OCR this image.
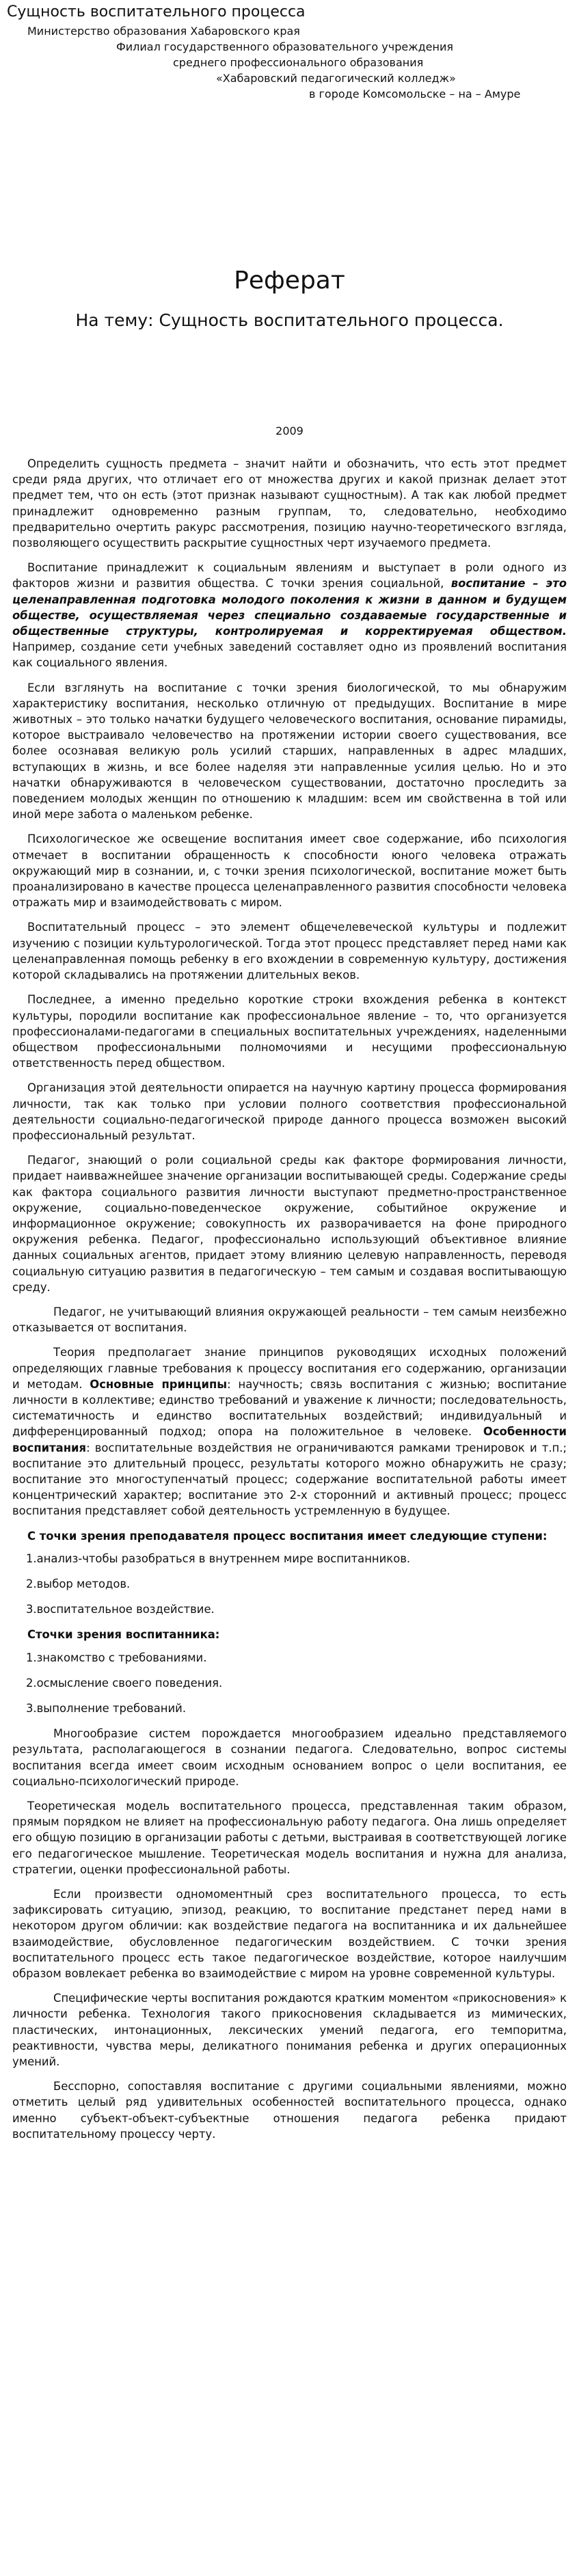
Сущность воспитательного процесса
Министерство образования Хабаровского края
Филиал государственного образовательного учреждения
среднего профессионального образования
«Хабаровский педагогический колледж»
в городе Комсомольске – на – Амуре
Реферат
На тему: Сущность воспитательного процесса.
2009

Определить сущность предмета – значит найти и обозначить, что есть этот предмет среди ряда других, что отличает его от множества других и какой признак делает этот предмет тем, что он есть (этот признак называют сущностным). А так как любой предмет принадлежит одновременно разным группам, то, следовательно, необходимо предварительно очертить ракурс рассмотрения, позицию научно-теоретического взгляда, позволяющего осуществить раскрытие сущностных черт изучаемого предмета.

Воспитание принадлежит к социальным явлениям и выступает в роли одного из факторов жизни и развития общества. С точки зрения социальной, воспитание – это целенаправленная подготовка молодого поколения к жизни в данном и будущем обществе, осуществляемая через специально создаваемые государственные и общественные структуры, контролируемая и корректируемая обществом. Например, создание сети учебных заведений составляет одно из проявлений воспитания как социального явления.

Если взглянуть на воспитание с точки зрения биологической, то мы обнаружим характеристику воспитания, несколько отличную от предыдущих. Воспитание в мире животных – это только начатки будущего человеческого воспитания, основание пирамиды, которое выстраивало человечество на протяжении истории своего существования, все более осознавая великую роль усилий старших, направленных в адрес младших, вступающих в жизнь, и все более наделяя эти направленные усилия целью. Но и это начатки обнаруживаются в человеческом существовании, достаточно проследить за поведением молодых женщин по отношению к младшим: всем им свойственна в той или иной мере забота о маленьком ребенке.

Психологическое же освещение воспитания имеет свое содержание, ибо психология отмечает в воспитании обращенность к способности юного человека отражать окружающий мир в сознании, и, с точки зрения психологической, воспитание может быть проанализировано в качестве процесса целенаправленного развития способности человека отражать мир и взаимодействовать с миром.

Воспитательный процесс – это элемент общечелевеческой культуры и подлежит изучению с позиции культурологической. Тогда этот процесс представляет перед нами как целенаправленная помощь ребенку в его вхождении в современную культуру, достижения которой складывались на протяжении длительных веков.

Последнее, а именно предельно короткие строки вхождения ребенка в контекст культуры, породили воспитание как профессиональное явление – то, что организуется профессионалами-педагогами в специальных воспитательных учреждениях, наделенными обществом профессиональными полномочиями и несущими профессиональную ответственность перед обществом.

Организация этой деятельности опирается на научную картину процесса формирования личности, так как только при условии полного соответствия профессиональной деятельности социально-педагогической природе данного процесса возможен высокий профессиональный результат.

Педагог, знающий о роли социальной среды как факторе формирования личности, придает наивважнейшее значение организации воспитывающей среды. Содержание среды как фактора социального развития личности выступают предметно-пространственное окружение, социально-поведенческое окружение, событийное окружение и информационное окружение; совокупность их разворачивается на фоне природного окружения ребенка. Педагог, профессионально использующий объективное влияние данных социальных агентов, придает этому влиянию целевую направленность, переводя социальную ситуацию развития в педагогическую – тем самым и создавая воспитывающую среду.

Педагог, не учитывающий влияния окружающей реальности – тем самым неизбежно отказывается от воспитания.

Теория предполагает знание принципов руководящих исходных положений определяющих главные требования к процессу воспитания его содержанию, организации и методам. Основные принципы: научность; связь воспитания с жизнью; воспитание личности в коллективе; единство требований и уважение к личности; последовательность, систематичность и единство воспитательных воздействий; индивидуальный и дифференцированный подход; опора на положительное в человеке. Особенности воспитания: воспитательные воздействия не ограничиваются рамками тренировок и т.п.; воспитание это длительный процесс, результаты которого можно обнаружить не сразу; воспитание это многоступенчатый процесс; содержание воспитательной работы имеет концентрический характер; воспитание это 2-х сторонний и активный процесс; процесс воспитания представляет собой деятельность устремленную в будущее.

С точки зрения преподавателя процесс воспитания имеет следующие ступени:

1.анализ-чтобы разобраться в внутреннем мире воспитанников.

2.выбор методов.

3.воспитательное воздействие.

Сточки зрения воспитанника:

1.знакомство с требованиями.

2.осмысление своего поведения.

3.выполнение требований.

Многообразие систем порождается многообразием идеально представляемого результата, располагающегося в сознании педагога. Следовательно, вопрос системы воспитания всегда имеет своим исходным основанием вопрос о цели воспитания, ее социально-психологический природе.

Теоретическая модель воспитательного процесса, представленная таким образом, прямым порядком не влияет на профессиональную работу педагога. Она лишь определяет его общую позицию в организации работы с детьми, выстраивая в соответствующей логике его педагогическое мышление. Теоретическая модель воспитания и нужна для анализа, стратегии, оценки профессиональной работы.

Если произвести одномоментный срез воспитательного процесса, то есть зафиксировать ситуацию, эпизод, реакцию, то воспитание предстанет перед нами в некотором другом обличии: как воздействие педагога на воспитанника и их дальнейшее взаимодействие, обусловленное педагогическим воздействием. С точки зрения воспитательного процесс есть такое педагогическое воздействие, которое наилучшим образом вовлекает ребенка во взаимодействие с миром на уровне современной культуры.

Специфические черты воспитания рождаются кратким моментом «прикосновения» к личности ребенка. Технология такого прикосновения складывается из мимических, пластических, интонационных, лексических умений педагога, его темпоритма, реактивности, чувства меры, деликатного понимания ребенка и других операционных умений.

Бесспорно, сопоставляя воспитание с другими социальными явлениями, можно отметить целый ряд удивительных особенностей воспитательного процесса, однако именно субъект-объект-субъектные отношения педагога ребенка придают воспитательному процессу черту.
